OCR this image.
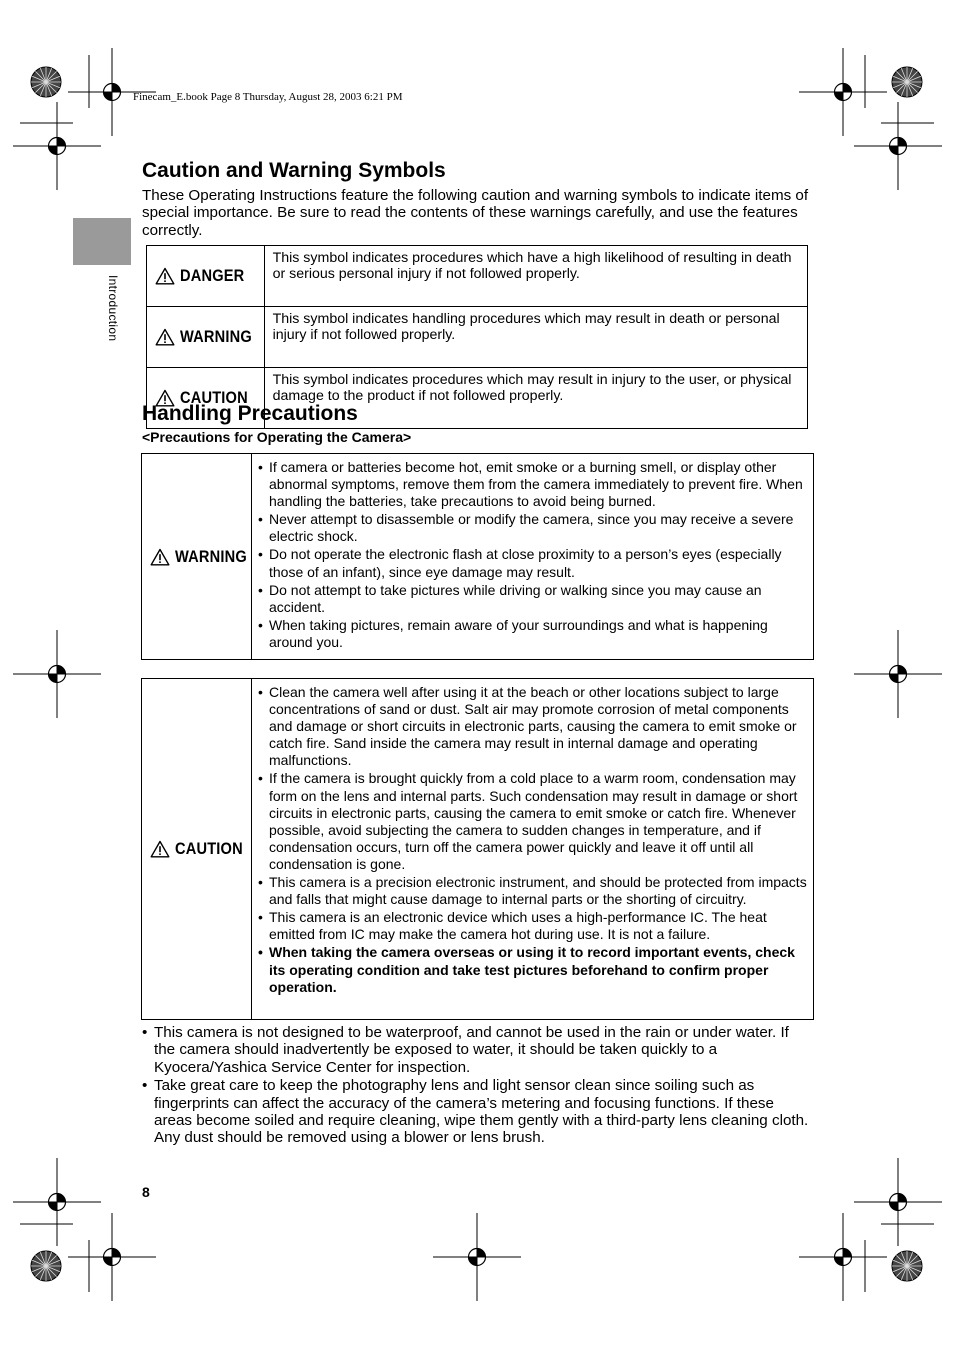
Finecam_E.book Page 8 Thursday, August 28, 2003 6:21 PM
Introduction
Caution and Warning Symbols

These Operating Instructions feature the following caution and warning symbols to indicate items of special importance. Be sure to read the contents of these warnings carefully, and use the features correctly.

DANGER	This symbol indicates procedures which have a high likelihood of resulting in death or serious personal injury if not followed properly.

WARNING	This symbol indicates handling procedures which may result in death or personal injury if not followed properly.

CAUTION	This symbol indicates procedures which may result in injury to the user, or physical damage to the product if not followed properly.
Handling Precautions
<Precautions for Operating the Camera>
WARNING
• If camera or batteries become hot, emit smoke or a burning smell, or display other abnormal symptoms, remove them from the camera immediately to prevent fire. When handling the batteries, take precautions to avoid being burned.
• Never attempt to disassemble or modify the camera, since you may receive a severe electric shock.
• Do not operate the electronic flash at close proximity to a person’s eyes (especially those of an infant), since eye damage may result.
• Do not attempt to take pictures while driving or walking since you may cause an accident.
• When taking pictures, remain aware of your surroundings and what is happening around you.
CAUTION
• Clean the camera well after using it at the beach or other locations subject to large concentrations of sand or dust. Salt air may promote corrosion of metal components and damage or short circuits in electronic parts, causing the camera to emit smoke or catch fire. Sand inside the camera may result in internal damage and operating malfunctions.
• If the camera is brought quickly from a cold place to a warm room, condensation may form on the lens and internal parts. Such condensation may result in damage or short circuits in electronic parts, causing the camera to emit smoke or catch fire. Whenever possible, avoid subjecting the camera to sudden changes in temperature, and if condensation occurs, turn off the camera power quickly and leave it off until all condensation is gone.
• This camera is a precision electronic instrument, and should be protected from impacts and falls that might cause damage to internal parts or the shorting of circuitry.
• This camera is an electronic device which uses a high-performance IC. The heat emitted from IC may make the camera hot during use. It is not a failure.
• When taking the camera overseas or using it to record important events, check its operating condition and take test pictures beforehand to confirm proper operation.
• This camera is not designed to be waterproof, and cannot be used in the rain or under water. If the camera should inadvertently be exposed to water, it should be taken quickly to a Kyocera/Yashica Service Center for inspection.
• Take great care to keep the photography lens and light sensor clean since soiling such as fingerprints can affect the accuracy of the camera’s metering and focusing functions. If these areas become soiled and require cleaning, wipe them gently with a third-party lens cleaning cloth. Any dust should be removed using a blower or lens brush.
8
